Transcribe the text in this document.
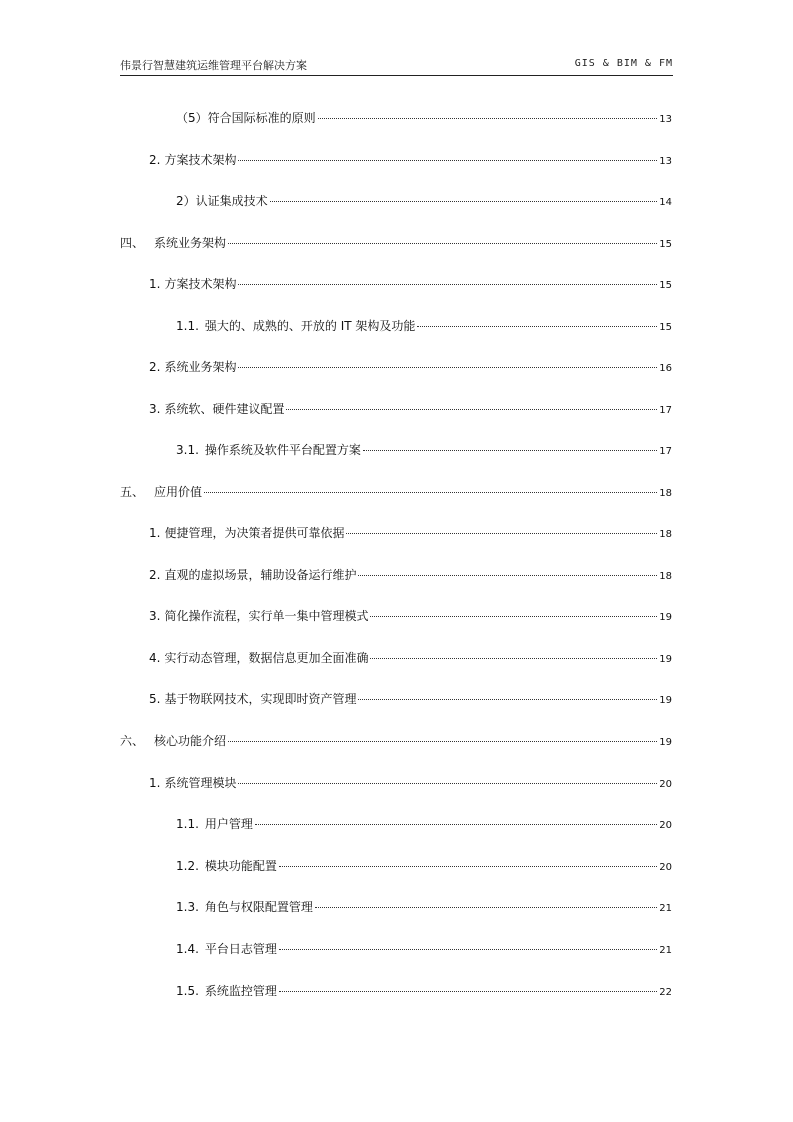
伟景行智慧建筑运维管理平台解决方案	GIS & BIM & FM
（5） 符合国际标准的原则	13
2. 方案技术架构	13
2） 认证集成技术	14
四、 系统业务架构	15
1. 方案技术架构	15
1.1. 强大的、成熟的、开放的 IT 架构及功能	15
2. 系统业务架构	16
3. 系统软、硬件建议配置	17
3.1. 操作系统及软件平台配置方案	17
五、 应用价值	18
1. 便捷管理，为决策者提供可靠依据	18
2. 直观的虚拟场景，辅助设备运行维护	18
3. 简化操作流程，实行单一集中管理模式	19
4. 实行动态管理，数据信息更加全面准确	19
5. 基于物联网技术，实现即时资产管理	19
六、 核心功能介绍	19
1. 系统管理模块	20
1.1. 用户管理	20
1.2. 模块功能配置	20
1.3. 角色与权限配置管理	21
1.4. 平台日志管理	21
1.5. 系统监控管理	22
